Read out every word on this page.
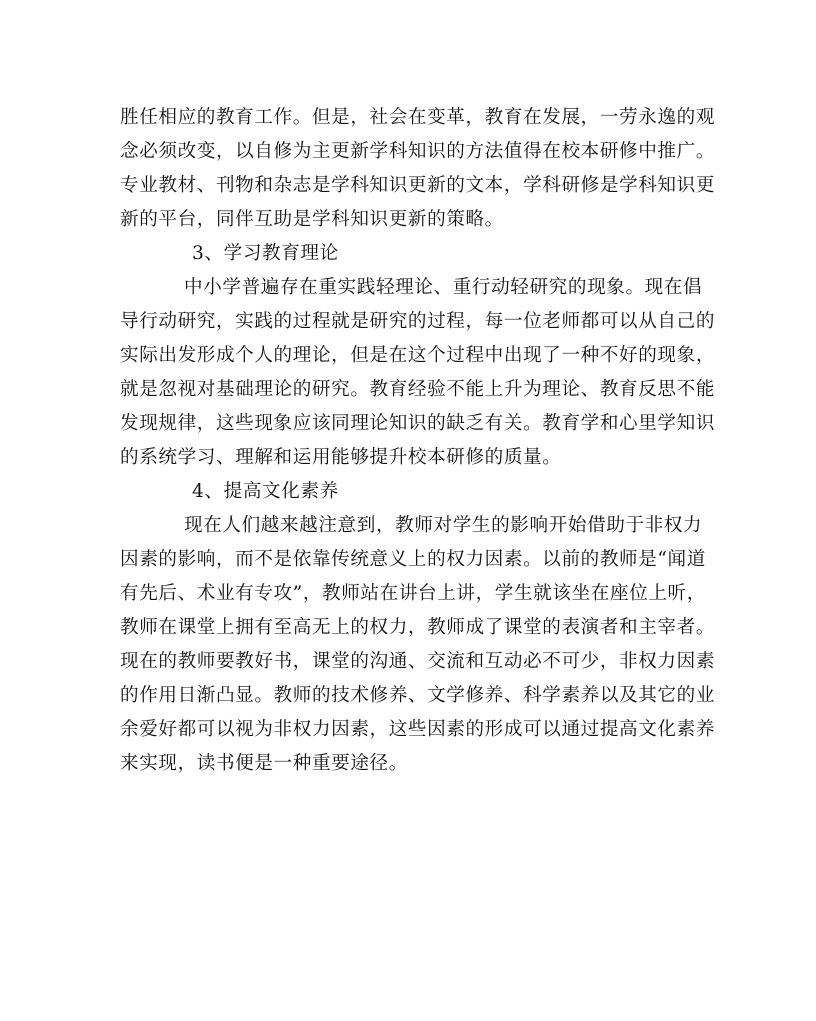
胜任相应的教育工作。但是，社会在变革，教育在发展，一劳永逸的观
念必须改变，以自修为主更新学科知识的方法值得在校本研修中推广。
专业教材、刊物和杂志是学科知识更新的文本，学科研修是学科知识更
新的平台，同伴互助是学科知识更新的策略。
3、学习教育理论
中小学普遍存在重实践轻理论、重行动轻研究的现象。现在倡
导行动研究，实践的过程就是研究的过程，每一位老师都可以从自己的
实际出发形成个人的理论，但是在这个过程中出现了一种不好的现象，
就是忽视对基础理论的研究。教育经验不能上升为理论、教育反思不能
发现规律，这些现象应该同理论知识的缺乏有关。教育学和心里学知识
的系统学习、理解和运用能够提升校本研修的质量。
4、提高文化素养
现在人们越来越注意到，教师对学生的影响开始借助于非权力
因素的影响，而不是依靠传统意义上的权力因素。以前的教师是“闻道
有先后、术业有专攻”，教师站在讲台上讲，学生就该坐在座位上听，
教师在课堂上拥有至高无上的权力，教师成了课堂的表演者和主宰者。
现在的教师要教好书，课堂的沟通、交流和互动必不可少，非权力因素
的作用日渐凸显。教师的技术修养、文学修养、科学素养以及其它的业
余爱好都可以视为非权力因素，这些因素的形成可以通过提高文化素养
来实现，读书便是一种重要途径。
